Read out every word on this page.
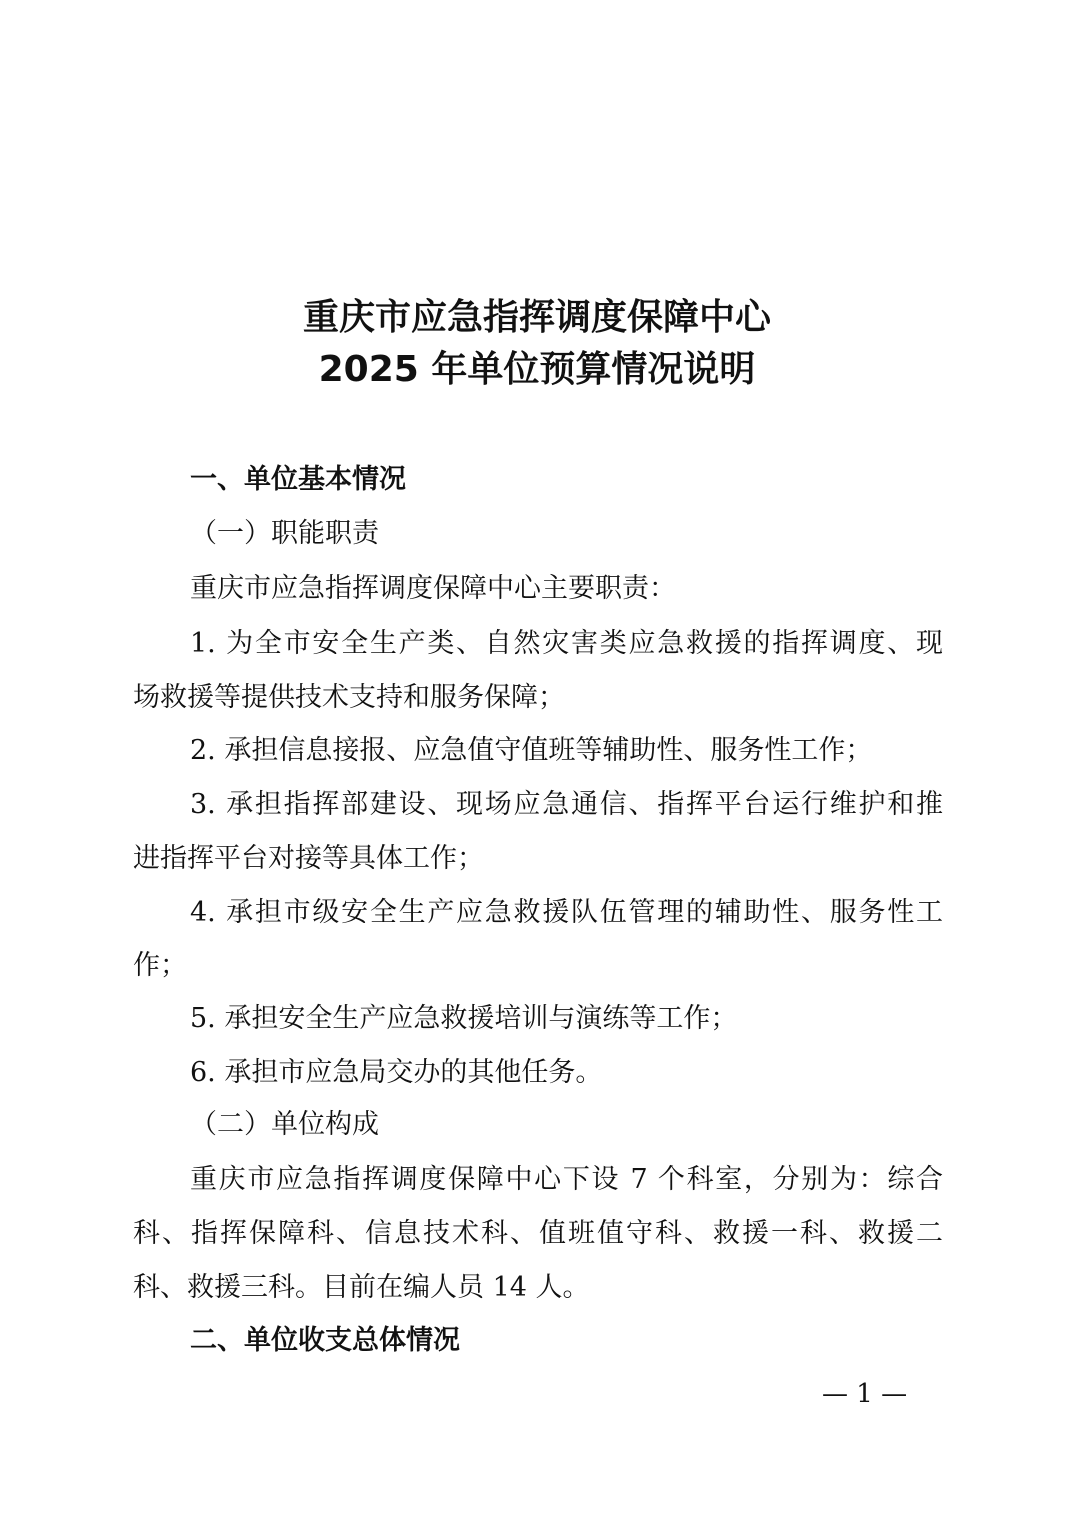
重庆市应急指挥调度保障中心
2025 年单位预算情况说明

一、单位基本情况

（一）职能职责

重庆市应急指挥调度保障中心主要职责：

1. 为全市安全生产类、自然灾害类应急救援的指挥调度、现

场救援等提供技术支持和服务保障；

2. 承担信息接报、应急值守值班等辅助性、服务性工作；

3. 承担指挥部建设、现场应急通信、指挥平台运行维护和推

进指挥平台对接等具体工作；

4. 承担市级安全生产应急救援队伍管理的辅助性、服务性工

作；

5. 承担安全生产应急救援培训与演练等工作；

6. 承担市应急局交办的其他任务。

（二）单位构成

重庆市应急指挥调度保障中心下设 7 个科室，分别为：综合

科、指挥保障科、信息技术科、值班值守科、救援一科、救援二

科、救援三科。目前在编人员 14 人。

二、单位收支总体情况

— 1 —
